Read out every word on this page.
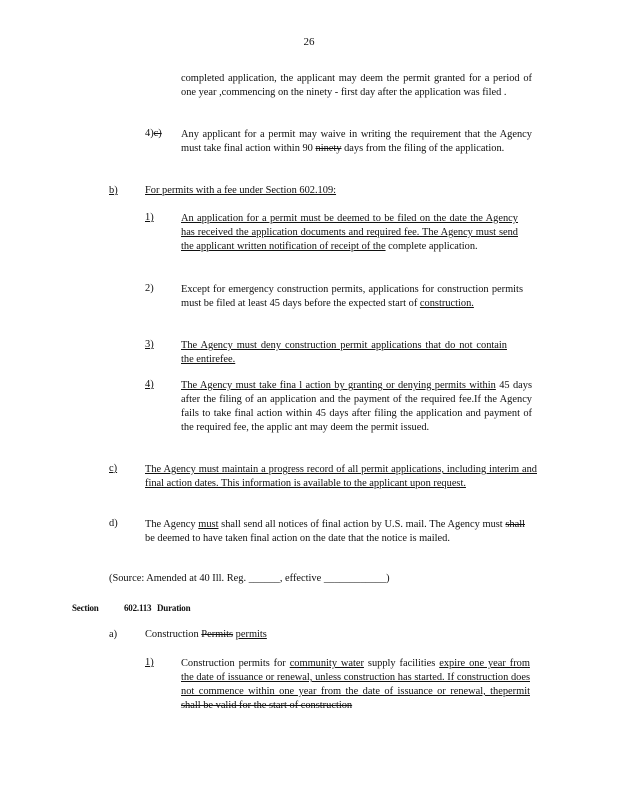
26
completed application, the applicant may deem the permit granted for a period of one year ,commencing on the ninety - first day after the application was filed .
4)c) Any applicant for a permit may waive in writing the requirement that the Agency must take final action within 90 ninety days from the filing of the application.
b)	For permits with a fee under Section 602.109:
1)	An application for a permit must be deemed to be filed on the date the Agency has received the application documents and required fee. The Agency must send the applicant written notification of receipt of the complete application.
2)	Except for emergency construction permits, applications for construction permits must be filed at least 45 days before the expected start of construction.
3)	The Agency must deny construction permit applications that do not contain the entirefee.
4)	The Agency must take fina l action by granting or denying permits within 45 days after the filing of an application and the payment of the required fee.If the Agency fails to take final action within 45 days after filing the application and payment of the required fee, the applic ant may deem the permit issued.
c)	The Agency must maintain a progress record of all permit applications, including interim and final action dates. This information is available to the applicant upon request.
d)	The Agency must shall send all notices of final action by U.S. mail. The Agency must shall be deemed to have taken final action on the date that the notice is mailed.
(Source: Amended at 40 Ill. Reg. ______, effective ____________)
Section	602.113 Duration
a)	Construction Permits permits
1)	Construction permits for community water supply facilities expire one year from the date of issuance or renewal, unless construction has started. If construction does not commence within one year from the date of issuance or renewal, thepermit shall be valid for the start of construction
